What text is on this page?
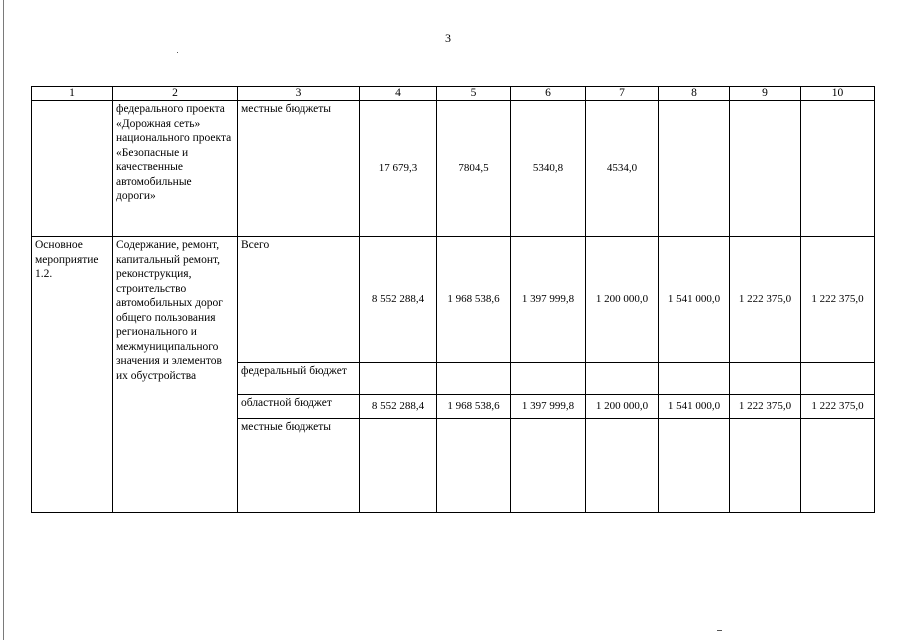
3
1	2	3	4	5	6	7	8	9	10
	федерального проекта «Дорожная сеть» национального проекта «Безопасные и качественные автомобильные дороги»	местные бюджеты	17 679,3	7804,5	5340,8	4534,0			
Основное мероприятие 1.2.	Содержание, ремонт, капитальный ремонт, реконструкция, строительство автомобильных дорог общего пользования регионального и межмуниципального значения и элементов их обустройства	Всего	8 552 288,4	1 968 538,6	1 397 999,8	1 200 000,0	1 541 000,0	1 222 375,0	1 222 375,0
		федеральный бюджет							
		областной бюджет	8 552 288,4	1 968 538,6	1 397 999,8	1 200 000,0	1 541 000,0	1 222 375,0	1 222 375,0
		местные бюджеты							
